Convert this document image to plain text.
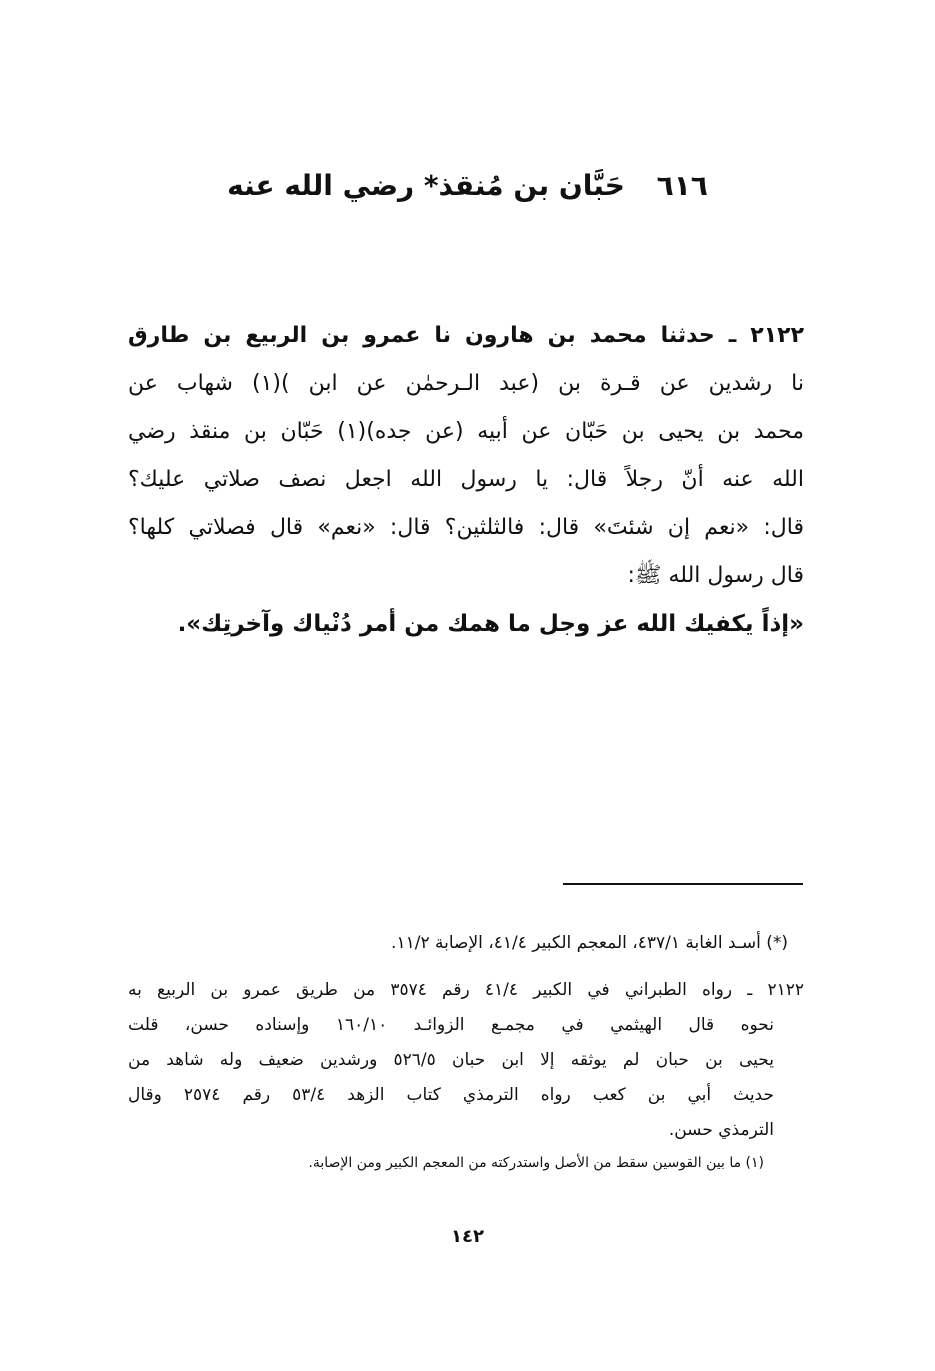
٦١٦ حَبَّان بن مُنقذ* رضي الله عنه
٢١٢٢ ـ حدثنا محمد بن هارون نا عمرو بن الربيع بن طارق
نا رشدين عن قـرة بن (عبد الـرحمٰن عن ابن )(١) شهاب عن
محمد بن يحيى بن حَبّان عن أبيه (عن جده)(١) حَبّان بن منقذ رضي
الله عنه أنّ رجلاً قال: يا رسول الله اجعل نصف صلاتي عليك؟
قال: «نعم إن شئتَ» قال: فالثلثين؟ قال: «نعم» قال فصلاتي كلها؟
قال رسول الله ﷺ:
«إذاً يكفيك الله عز وجل ما همك من أمر دُنْياك وآخرتِك».
(*) أسـد الغابة ٤٣٧/١، المعجم الكبير ٤١/٤، الإصابة ١١/٢.
٢١٢٢ ـ رواه الطبراني في الكبير ٤١/٤ رقم ٣٥٧٤ من طريق عمرو بن الربيع به
نحوه قال الهيثمي في مجمـع الزوائـد ١٦٠/١٠ وإسناده حسن، قلت
يحيى بن حبان لم يوثقه إلا ابن حبان ٥٢٦/٥ ورشدين ضعيف وله شاهد من
حديث أبي بن كعب رواه الترمذي كتاب الزهد ٥٣/٤ رقم ٢٥٧٤ وقال
الترمذي حسن.
(١) ما بين القوسين سقط من الأصل واستدركته من المعجم الكبير ومن الإصابة.
١٤٢
